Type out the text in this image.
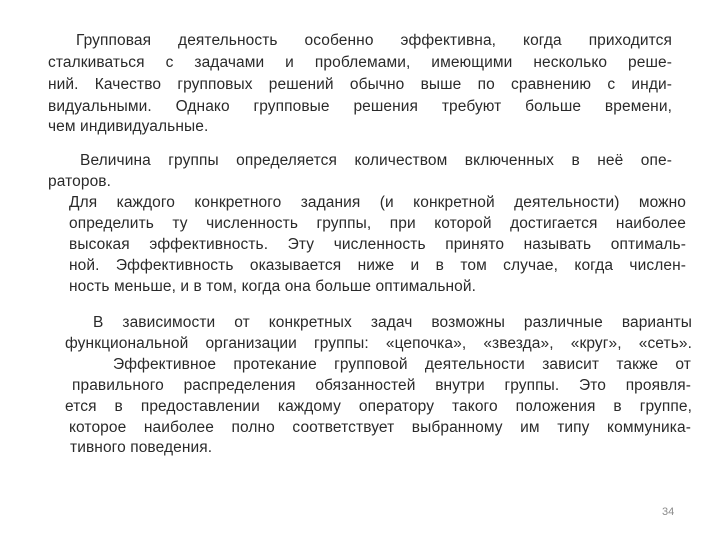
Групповая деятельность особенно эффективна, когда приходится
сталкиваться с задачами и проблемами, имеющими несколько реше-
ний. Качество групповых решений обычно выше по сравнению с инди-
видуальными. Однако групповые решения требуют больше времени,
чем индивидуальные.
Величина группы определяется количеством включенных в неё опе-
раторов.
Для каждого конкретного задания (и конкретной деятельности) можно
определить ту численность группы, при которой достигается наиболее
высокая эффективность. Эту численность принято называть оптималь-
ной. Эффективность оказывается ниже и в том случае, когда числен-
ность меньше, и в том, когда она больше оптимальной.
В зависимости от конкретных задач возможны различные варианты
функциональной организации группы: «цепочка», «звезда», «круг», «сеть».
Эффективное протекание групповой деятельности зависит также от
правильного распределения обязанностей внутри группы. Это проявля-
ется в предоставлении каждому оператору такого положения в группе,
которое наиболее полно соответствует выбранному им типу коммуника-
тивного поведения.
34
